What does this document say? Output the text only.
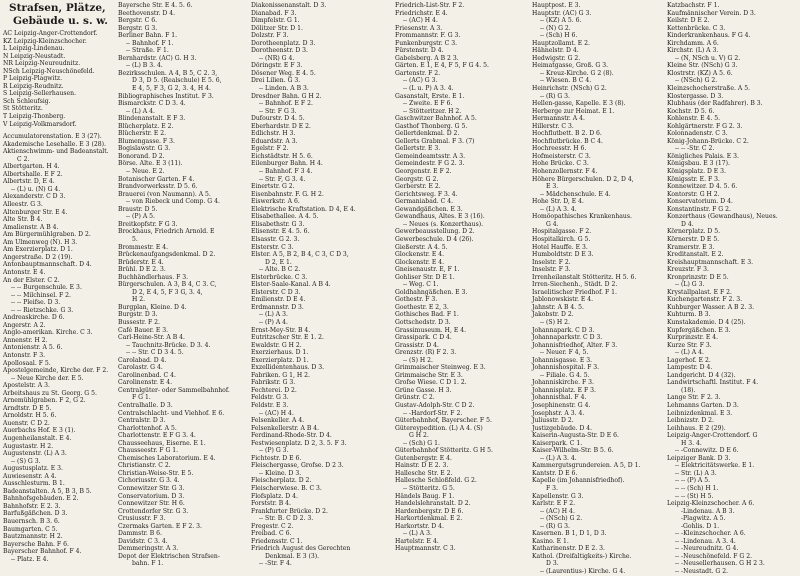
Strafsen, Plätze,
Gebäude u. s. w.
AC Leipzig-Anger-Crottendorf.
KZ Leipzig-Kleinzschocher.
L Leipzig-Lindenau.
N Leipzig-Neustadt.
NR Leipzig-Neureudnitz.
NSch Leipzig-Neuschönefeld.
P Leipzig-Plagwitz.
R Leipzig-Reudnitz.
S Leipzig-Sellerhausen.
Sch Schleufsig.
St Stötteritz.
T Leipzig-Thonberg.
V Leipzig-Volkmarsdorf.
Accumulatorenstation. E 3 (27).
Akademische Lesehalle. E 3 (28).
Aktienschwimm- und Badeanstalt.
C 2.
Albertgarten. H 4.
Albertshalle. E F 2.
Albertstr. D, E 4.
-- (L) u. (N) G 4.
Alexanderstr. C D 3.
Alleestr. G 3.
Altenburger Str. E 4.
Alte Str. B 4.
Amalienstr. A B 4.
Am Bürgermühlgraben. D 2.
Am Ulmenweg (N). H 3.
Am Exerzierplatz. D 1.
Angerstraße. D 2 (19).
Antonbauptmannschaft. D 4.
Antonstr. E 4.
An der Elster. C 2.
-- -- Burgenschule. E 3.
-- -- Milchinsel. F 2.
-- -- Pleifse. D 3.
-- -- Rietzschke. G 3.
Andreaskirche. D 6.
Angerstr. A 2.
Anglo-amerikan. Kirche. C 3.
Annenstr. H 2.
Antonienstr. A 5. 6.
Antonstr. F 3.
Apollosaal. F 5.
Apostelgemeinde, Kirche der. F 2.
-- Neue Kirche der. E 5.
Apostelstr. A 3.
Arbeitshaus zu St. Georg. G 5.
Arnemühlgraben. F 2, G 2.
Arndtstr. D E 5.
Arnoldstr. H 5. 6.
Auenstr. C D 2.
Auerbachs Hof. E 3 (1).
Augenheilanstalt. E 4.
Augustastr. H 2.
Augustenstr. (L) A 3.
-- (S) G 3.
Augustusplatz. E 3.
Auwiesenstr. A 4.
Ausschlesturm. B 1.
Badeanstalten. A 5, B 3, B 5.
Bahnhofsgebäuden. E 2.
Bahnhofstr. E 2. 3.
Barfußgäßchen. D 3.
Bauernsch. B 3. 6.
Baumgarten. C 5.
Bautzmannstr. H 2.
Bayersche Bahn. F 6.
Bayerscher Bahnhof. F 4.
-- Platz. E 4.
Bayersche Str. E 4. 5. 6.
Beethovenstr. D 4.
Bergstr. C 6.
Bergstr. G 3.
Berliner Bahn. F 1.
-- Bahnhof. F 1.
-- Straße. F 1.
Bernhardstr. (AC) G. H 3.
-- (L) B 3. 4.
Bezirksschulen. A 4, B 5, C 2. 3,
D 3, D 5. (Realschule) E 5. 6,
E 4, 5, F 3, G 2, 3. 4, H 4.
Bibliographisches Institut. F 3.
Bismarckstr. C D 3. 4.
-- (L) A 4.
Blindenanstalt. E F 3.
Blücherplatz. E 2.
Blücherstr. E 2.
Blumengasse. F 3.
Bogislawstr. G 3.
Bonorand. D 2.
Börse. Alte. E 3 (11).
-- Neue. E 2.
Botanischer Garten. F 4.
Brandvorwerksstr. D 5. 6.
Brauerei (von Naumann). A 5.
-- von Riebeck und Comp. G 4.
Braustr. D 5.
-- (P) A 5.
Breitkopfstr. F G 3.
Brockhaus, Friedrich Arnold. E
5.
Brommestr. E 4.
Brückenaufgangsdenkmal. D 2.
Brüderstr. E 4.
Brühl. D E 2. 3.
Buchhändlerhaus. F 3.
Bürgerschulen. A 3, B 4, C 3. C,
D 2, E 4, 5, F 3 G, 3. 4,
H 2.
Burgplan, Kleine. D 4.
Burgstr. D 3.
Bussestr. F 2.
Café Bauer. E 3.
Carl-Heine-Str. A B 4.
-- Tauchnitz-Brücke. D 3. 4.
-- -- Str. C D 3 4. 5.
Carolabad. D 4.
Carolastr. G 4.
Carolinenbad. C 4.
Carolinenstr. E 4.
Centralgüter- oder Sammelbahnhof.
F G 1.
Centralhalle. D 3.
Centralschlacht- und Viehhof. E 6.
Centralstr. D 3.
Charlottenhof. A 5.
Charlottenstr. E F G 3. 4.
Chausseehaus, Eiserne. E 1.
Chausseestr. F G 1.
Chemisches Laboratorium. E 4.
Christianstr. C 2.
Christian-Weise-Str. E 5.
Cichoriusstr. G 3. 4.
Connewitzer Str. G 3.
Conservatorium. D 3.
Connewitzer Str. H 6.
Crottendorfer Str. G 3.
Crusiusstr. F 3.
Czermaks Garten. E F 2. 3.
Dammstr. B 6.
Davidstr. C 3. 4.
Demmeringstr. A 3.
Depot der Elektrischen Strafsen-
bahn. F 1.
Diakonissenanstalt. D 3.
Dianabad. F 3.
Dimpfelstr. G 1.
Dölitzer Str. D 1.
Dolzstr. F 3.
Dorotheenplatz. D 3.
Dorotheenstr. D 3.
-- (NR) G 4.
Döringstr. E F 3.
Dösener Weg. E 4. 5.
Drei Lilien. G 3.
-- Linden. A B 3.
Dresdner Bahn. G H 2.
-- Bahnhof. E F 2.
-- Str. F G 3.
Dufourstr. D 4. 5.
Eberhardstr. D E 2.
Edlichstr. H 3.
Eduardstr. A 3.
Egelstr. F 2.
Eichstädtstr. H 5. 6.
Eilenburger Bahn. H 4.
-- Bahnhof. F 3 4.
-- Str. F, G 3. 4.
Einertstr. G 2.
Eisenbahnstr. F. G. H 2.
Eiswerkstr. A 6.
Elektrische Kraftstation. D 4, E 4.
Elisabethallee. A 4. 5.
Elisabethstr. G 3.
Elisenstr. E 4. 5. 6.
Elsasstr. G 2. 3.
Elsterstr. C 3.
Elster. A 5, B 2, B 4, C 3, C D 3,
D 2, E 1.
-- Alte. B C 2.
Elsterbrücke. C 3.
Elster-Saale-Kanal. A B 4.
Elsterstr. C D 3.
Emilienstr. D E 4.
Erdmannstr. D 3.
-- (L) A 3.
-- (P) A 4.
Ernst-Mey-Str. B 4.
Eutritzscher Str. E 1. 2.
Ewaldstr. G H 2.
Exerzierhaus. D 1.
Exerzierplatz. D 1.
Exzellidentenhaus. D 3.
Fabriken. G 1, H 2.
Fabrikstr. G 3.
Fechterei. D 2.
Feldstr. G 3.
Feldstr. E 3.
-- (AC) H 4.
Felsenkeller. A 4.
Felsenkellerstr. A B 4.
Ferdinand-Rhode-Str. D 4.
Festwiesenplatz. D 2, 3. 5. F 3.
-- (P) G 3.
Fichtestr. D E 6.
Fleischergasse, Grofse. D 2 3.
-- Kleine. D 3.
Fleischerplatz. D 2.
Fleischerwiese. B. C 3.
Flofsplatz. D 4.
Forststr. B 4.
Frankfurter Brücke. D 2.
-- Str. B. C D 2. 3.
Fregestr. C 2.
Freibad. C 6.
Friedensstr. C 1.
Friedrich August des Gerechten
Denkmal. E 3 (3).
-- -Str. F 4.
Friedrich-List-Str. F 2.
Friedrichstr. E 4.
-- (AC) H 4.
Friesenstr. A 3.
Frommannstr. F. G 3.
Funkenburgstr. C 3.
Fürstenstr. D 4.
Gabelsberg. A B 2 3.
Gärten. E 1, E 4, F 5, F G 4. 5.
Gartenstr. F 2.
-- (AC) G 3.
-- (L u. P) A 3. 4.
Gasanstalt, Erste. E 1.
-- Zweite. E F 6.
-- Stötteritzer. H 2.
Gaschwitzer Bahnhof. A 5.
Gasthof Thonberg. G 5.
Gellertdenkmal. D 2.
Gellerts Grabmal. F 3. (7)
Gellertstr. E 3.
Gemeindeamtsstr. A 3.
Gemeindestr. F G 2. 3.
Georgenstr. E F 2.
Georgstr. G 2.
Gerberstr. E 2.
Gerichtsweg. F 3. 4.
Germaniabad. C 4.
Gewandgäßchen. E 3.
Gewandhaus, Altes. E 3 (16).
-- Neues (s. Konzerthaus).
Gewerbeausstellung. D 2.
Gewerbeschule. D 4 (26).
Gießerstr. A 4. 5.
Glockenstr. E 4.
Glockenstr. E 4.
Gneisenaustr. E, F 1.
Gohliser Str. D E 1.
-- Weg. C 1.
Goldhahngäßchen. E 3.
Gothestr. F 3.
Goethestr. E 2, 3.
Gothisches Bad. F 1.
Gottschedstr. D 3.
Grassimuseum. H, E 4.
Grassipark. C D 4.
Grassistr. D 4.
Grenzstr. (R) F 2. 3.
-- (S) H 2.
Grimmaischer Steinweg. E 3.
Grimmaische Str. E 3.
Grofse Wiese. C D 1. 2.
Grüne Gasse. H 3.
Grünstr. C 2.
Gustav-Adolph-Str. C D 2.
-- -Hardorf-Str. F 2.
Güterbahnhof, Bayerscher. F 5.
Gütereypedition. (L) A 4. (S)
G H 2.
-- (Sch) G 1.
Güterbahnhof Stötteritz. G H 5.
Gutenbergstr. E 4.
Hainstr. D E 2. 3.
Hallesche Str. E 2.
Hallesche Schloßfeld. G 2.
-- Stötteritz. G 5.
Händels Baug. F 1.
Handelslehranstalt. D 2.
Hardenbergstr. D E 6.
Harkortdenkmal. E 2.
Harkortstr. D 4.
-- (L) A 3.
Hartelstr. E 4.
Hauptmannstr. C 3.
Hauptpost. E 3.
Hauptstr. (AC) G 3.
-- (KZ) A 5. 6.
-- (N) G 2.
-- (Sch) H 6.
Hauptzollamt. E 2.
Hähnelstr. D 4.
Hedwigstr. G 2.
Heimatgasse, Groß. G 3.
-- Kreuz-Kirche. G 2 (8).
-- Wiesen. B C 4.
Heinrichstr. (NSch) G 2.
-- (R) G 3.
Hellen-gasse, Kapelle. E 3 (8).
Herberge zur Heimat. E 1.
Hermannstr. A 4.
Hillerstr. C 3.
Hochflutbett. B 2. D 6.
Hochflutbrücke. B C 4.
Hochreesstr. H 6.
Hofmeisterstr. C 3.
Hohe Brücke. C 3.
Hohenzollernstr. F 4.
Höhere Bürgerschulen. D 2, D 4,
E 3.
-- Mädchenschule. E 4.
Hohe Str. D, E 4.
-- (L) A 3. 4.
Homöopathisches Krankenhaus.
G 4.
Hospitalgasse. F 2.
Hospitalkirch. G 5.
Hotel Hauffe. E 3.
Humboldtstr. D E 3.
Inselstr. F 2.
Inselstr. F 3.
Irrenheilanstalt Stötteritz. H 5. 6.
Irren-Siechenh., Städt. D 2.
Israelitischer Friedhof. F 1.
Jablonowskistr. E 4.
Jahnstr. A B 4. 5.
Jakobstr. D 2.
-- (S) H 2.
Johannapark. C D 3.
Johannaparkstr. C D 3.
Johannisfriedhof, Alter. F 3.
-- Neuer. F 4, 5.
Johannisgasse. E 3.
Johannishospital. F 3.
-- Filiale. G 4. 5.
Johanniskirche. F 3.
Johannisplatz. E F 3.
Johannisthal. F 4.
Josephinenstr. G 4.
Josephstr. A 3. 4.
Juliusstr. D 2.
Justizgebäude. D 4.
Kaiserin-Augusta-Str. D E 6.
Kaiserpark. C 1.
Kaiser-Wilhelm-Str. B 5. 6.
-- (L) A 3. 4.
Kammergutsgrundereien. A 5, D 1.
Kantstr. D E 6.
Kapelle (im Johannisfriedhof).
F 3.
Kapellenstr. G 3.
Karlstr. E F 2.
-- (AC) H 4.
-- (NSch) G 2.
-- (R) G 3.
Kasernen. B 1, D 1, D 3.
Kasino. E 1.
Katharinenstr. D E 2. 3.
Kathol. (Dreifaltigkeits-) Kirche.
D 3.
-- (Laurentius-) Kirche. G 4.
Katzbachstr. F 1.
Kaufmännischer Verein. D 3.
Keilstr. D E 2.
Kettenbrücke. C 3.
Kinderkrankenhaus. F G 4.
Kirchdamm. A 6.
Kirchstr. (L) A 3.
-- (N, NSch u. V) G 2.
Kleine Str. (NSch) G 3.
Klostrstr. (KZ) A 5. 6.
-- (NSch) G 2.
Kleinzschocherstraße. A 5.
Klostergasse. D 3.
Klubhaus (der Radfahrer). B 3.
Kochstr. D 5. 6.
Kohlenstr. E 4. 5.
Kohlgärtnerstr. F G 2. 3.
Kolonnadenstr. C 3.
König-Johann-Brücke. C 2.
-- -- -Str. C 2.
Königliches Palais. E 3.
Königsbau. E 3 (17).
Königsplatz. D E 3.
Königsstr. E. F 3.
Konnewitzer. D 4. 5. 6.
Kontorstr. G H 2.
Konservatorium. D 4.
Konstantinstr. F G 2.
Konzerthaus (Gewandhaus), Neues.
D 4.
Körnerplatz. D 5.
Körnerstr. D E 5.
Kramerstr. E 3.
Kreditanstalt. E 2.
Kreishauptmannschaft. E 3.
Kreuzstr. F 3.
Kronprinzstr. D E 5.
-- (L) G 3.
Krystallpalast. E F 2.
Kuchengartenstr. F 2. 3.
Kuhburger Wasser. A B 2. 3.
Kuhturm. B 3.
Kunstakademie. D 4 (25).
Kupfergäßchen. E 3.
Kurprinzstr. E 4.
Kurze Str. F 3.
-- (L) A 4.
Lagerhof. E 2.
Lampestr. D 4.
Landgericht. D 4 (32).
Landwirtschaftl. Institut. F 4.
(18).
Lange Str. F 2. 3.
Lehmanns Garten. D 3.
Leibnizdenkmal. E 3.
Leibnizstr. D 2.
Leihhaus. E 2 (29).
Leipzig-Anger-Crottendorf. G
H 3. 4.
-- -Connewitz. D E 6.
Leipziger Bank. D 3.
-- Elektricitätswerke. E 1.
-- Str. (L) A 3.
-- -- (P) A 5.
-- -- (Sch) H 1.
-- -- (St) H 5.
Leipzig-Kleinzschocher. A 6.
-Lindenau. A B 3.
-Plagwitz. A 5.
-Gohlis. D 1.
-- -Kleinzschocher. A 6.
-- -Lindenau. A 3. 4.
-- -Neureudnitz. G 4.
-- -Neuschönefeld. F G 2.
-- -Neusellerhausen. G H 2 3.
-- -Neustadt. G 2.
